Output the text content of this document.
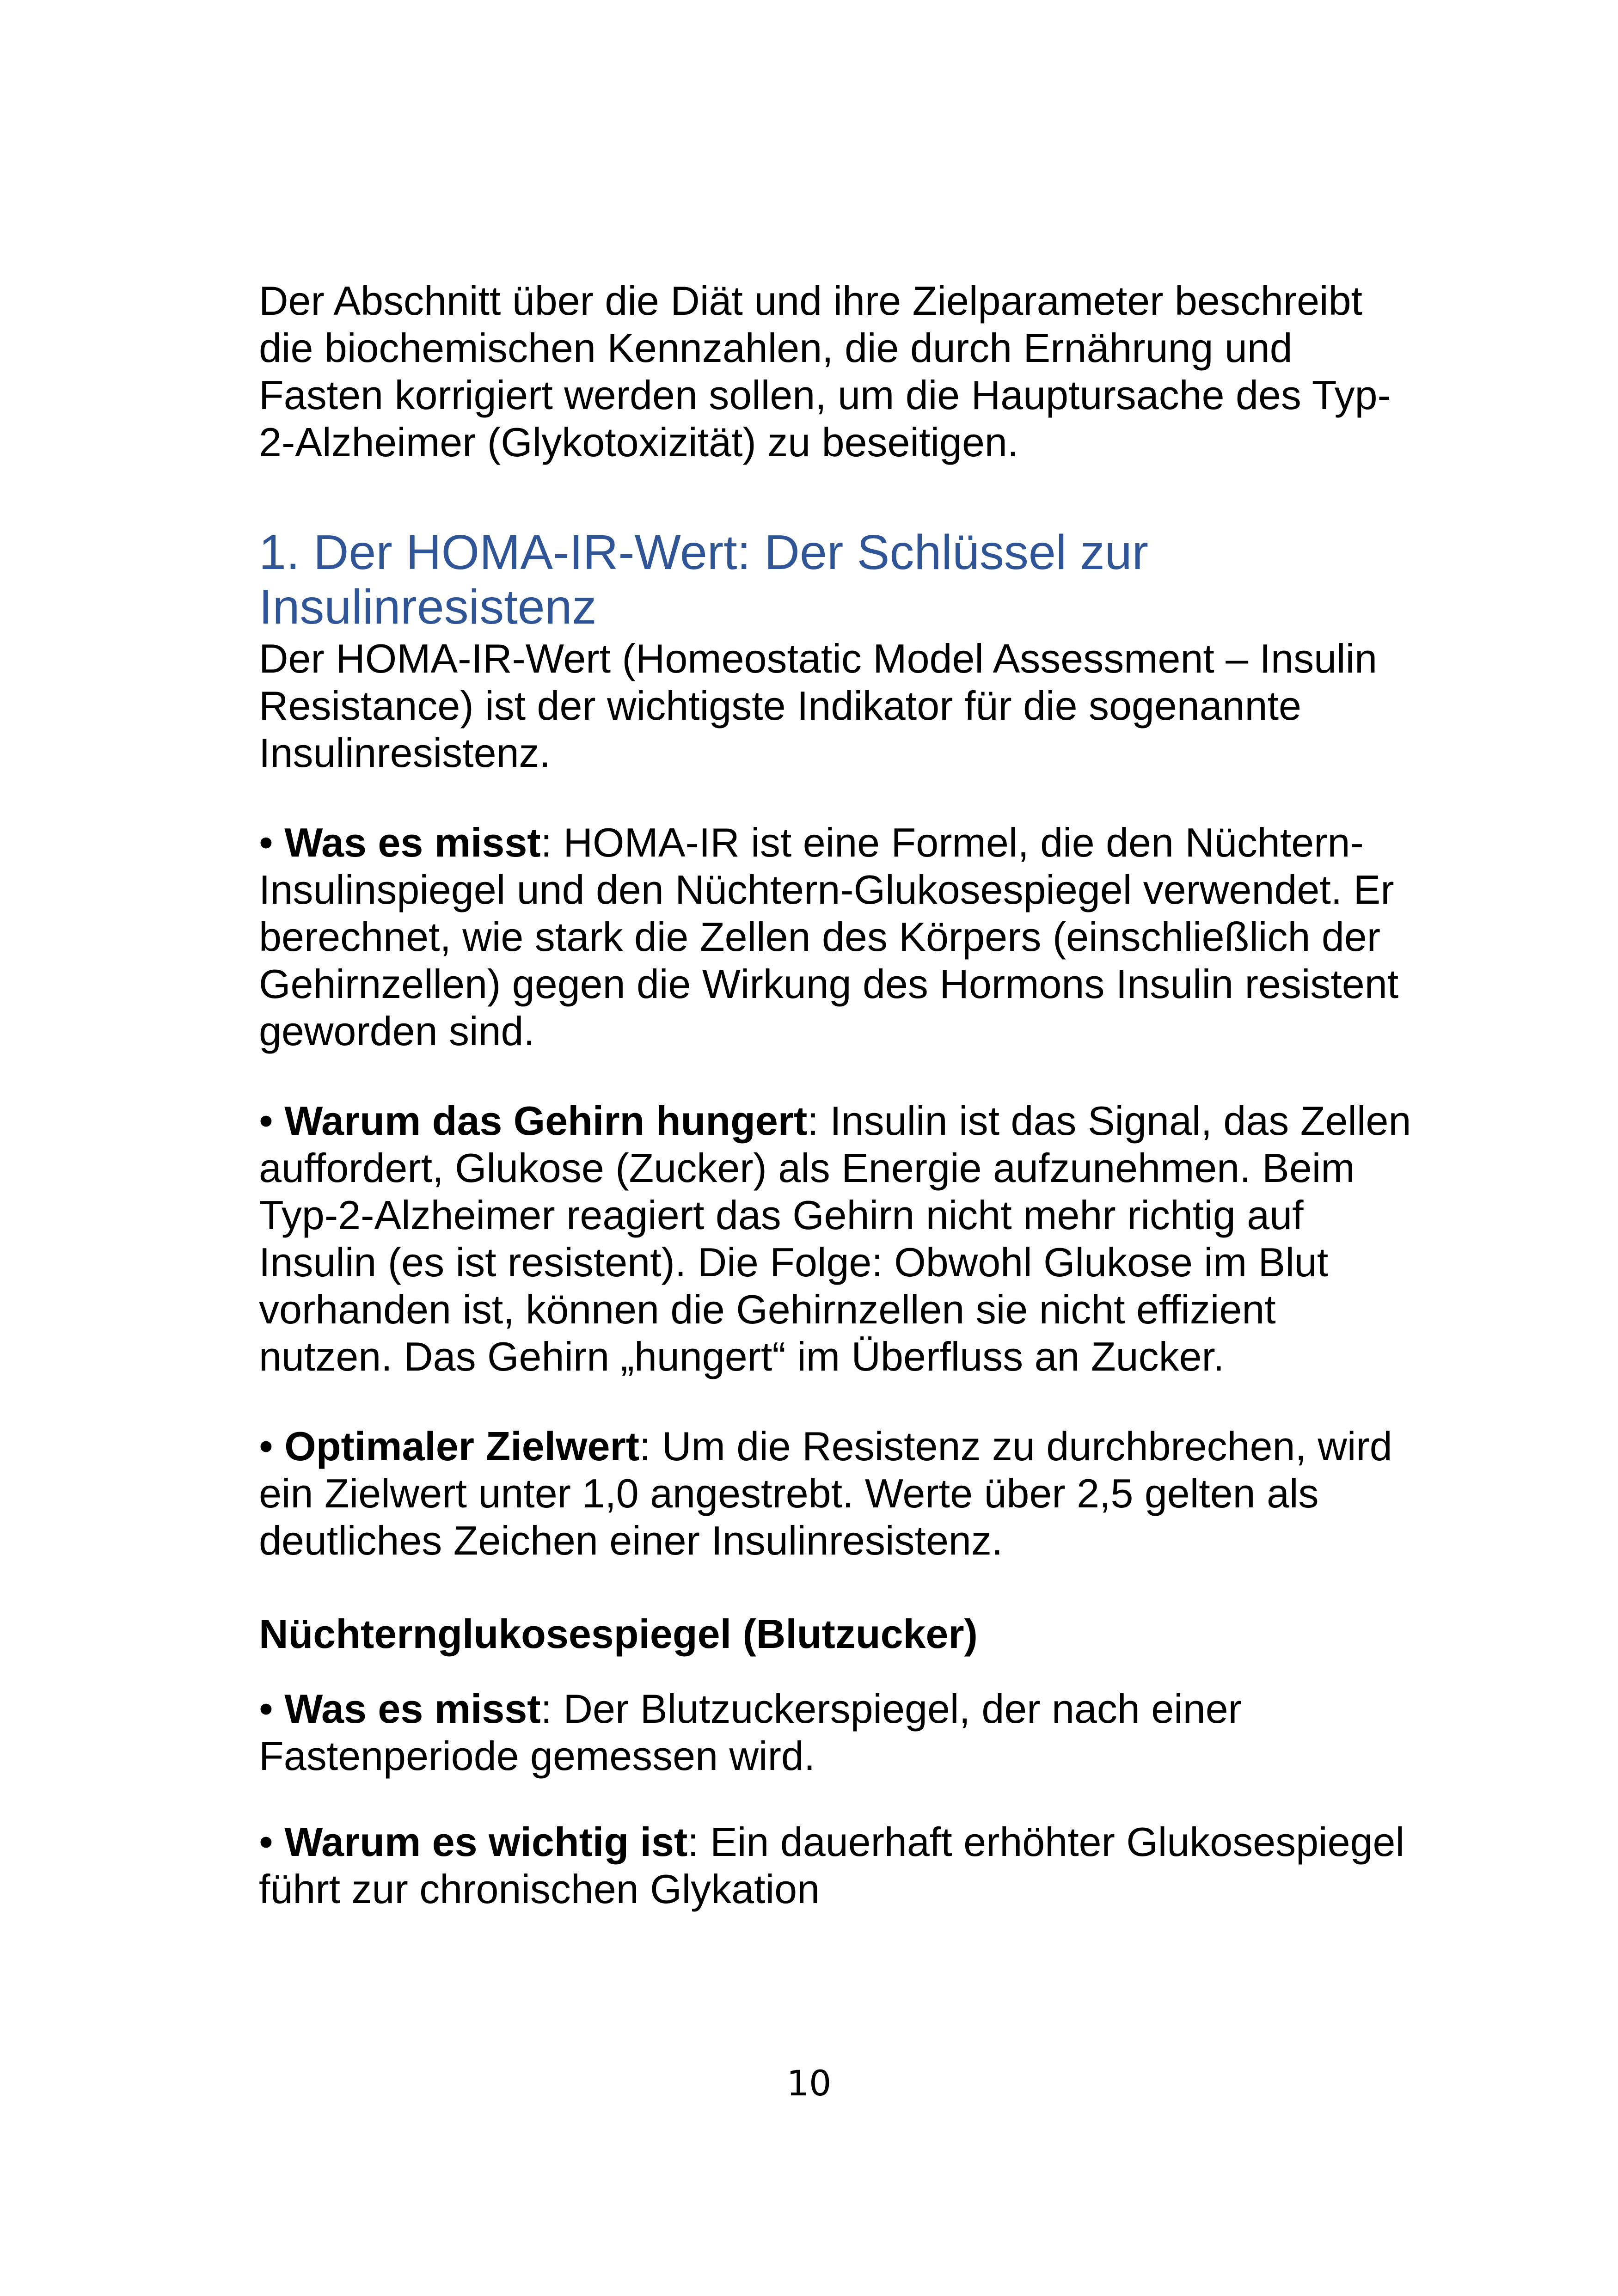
Der Abschnitt über die Diät und ihre Zielparameter beschreibt die biochemischen Kennzahlen, die durch Ernährung und Fasten korrigiert werden sollen, um die Hauptursache des Typ-2-Alzheimer (Glykotoxizität) zu beseitigen.

1. Der HOMA-IR-Wert: Der Schlüssel zur Insulinresistenz

Der HOMA-IR-Wert (Homeostatic Model Assessment – Insulin Resistance) ist der wichtigste Indikator für die sogenannte Insulinresistenz.

• Was es misst: HOMA-IR ist eine Formel, die den Nüchtern-Insulinspiegel und den Nüchtern-Glukosespiegel verwendet. Er berechnet, wie stark die Zellen des Körpers (einschließlich der Gehirnzellen) gegen die Wirkung des Hormons Insulin resistent geworden sind.

• Warum das Gehirn hungert: Insulin ist das Signal, das Zellen auffordert, Glukose (Zucker) als Energie aufzunehmen. Beim Typ-2-Alzheimer reagiert das Gehirn nicht mehr richtig auf Insulin (es ist resistent). Die Folge: Obwohl Glukose im Blut vorhanden ist, können die Gehirnzellen sie nicht effizient nutzen. Das Gehirn „hungert“ im Überfluss an Zucker.

• Optimaler Zielwert: Um die Resistenz zu durchbrechen, wird ein Zielwert unter 1,0 angestrebt. Werte über 2,5 gelten als deutliches Zeichen einer Insulinresistenz.

Nüchternglukosespiegel (Blutzucker)

• Was es misst: Der Blutzuckerspiegel, der nach einer Fastenperiode gemessen wird.

• Warum es wichtig ist: Ein dauerhaft erhöhter Glukosespiegel führt zur chronischen Glykation

10
